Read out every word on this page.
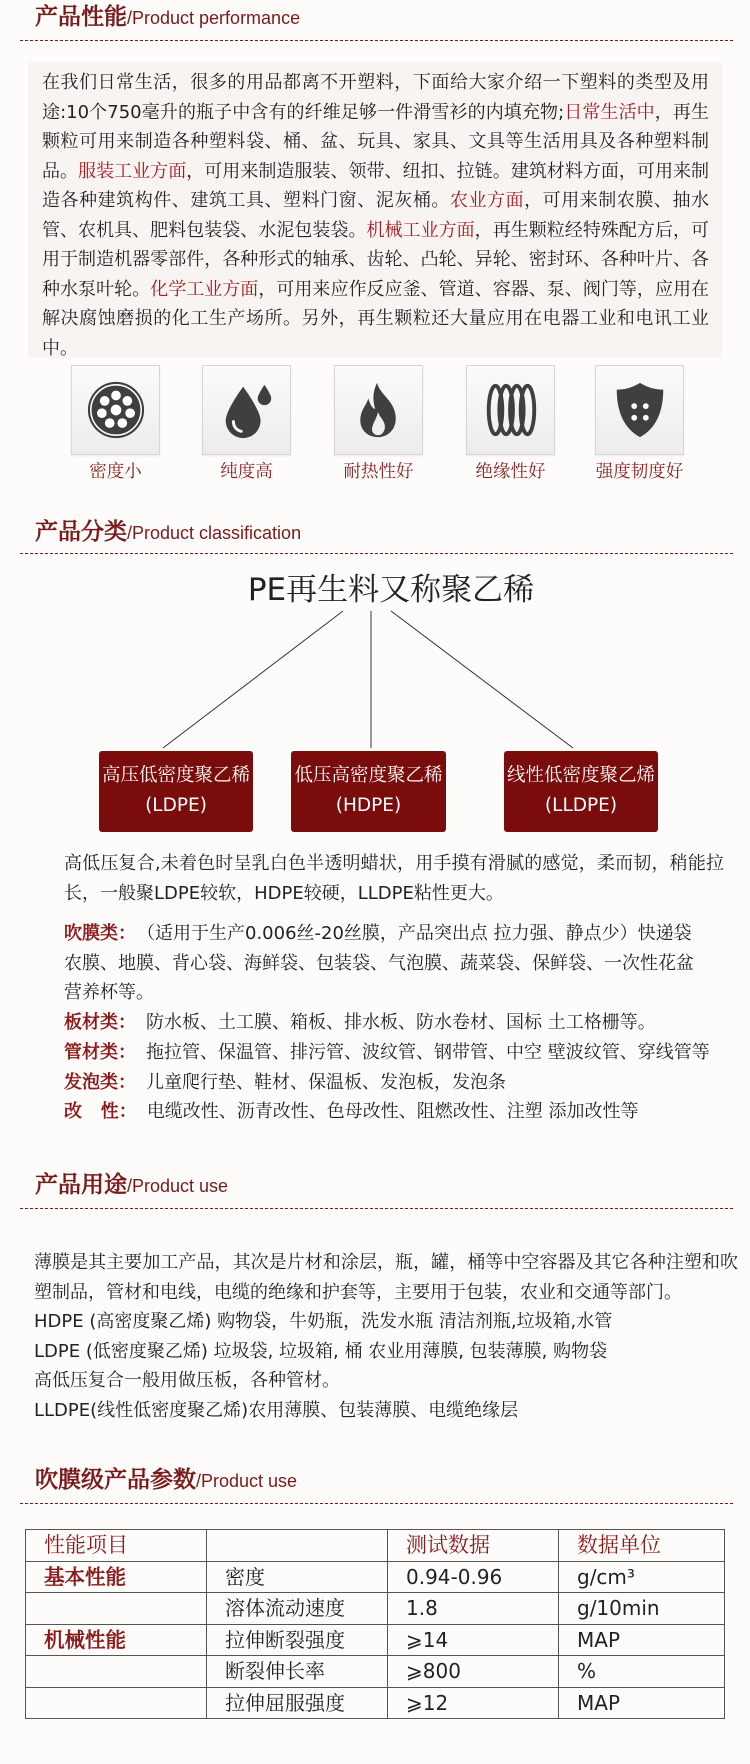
产品性能 /Product performance
在我们日常生活，很多的用品都离不开塑料，下面给大家介绍一下塑料的类型及用途:10个750毫升的瓶子中含有的纤维足够一件滑雪衫的内填充物;日常生活中，再生颗粒可用来制造各种塑料袋、桶、盆、玩具、家具、文具等生活用具及各种塑料制品。服装工业方面，可用来制造服装、领带、纽扣、拉链。建筑材料方面，可用来制造各种建筑构件、建筑工具、塑料门窗、泥灰桶。农业方面，可用来制农膜、抽水管、农机具、肥料包装袋、水泥包装袋。机械工业方面，再生颗粒经特殊配方后，可用于制造机器零部件，各种形式的轴承、齿轮、凸轮、异轮、密封环、各种叶片、各种水泵叶轮。化学工业方面，可用来应作反应釜、管道、容器、泵、阀门等，应用在解决腐蚀磨损的化工生产场所。另外，再生颗粒还大量应用在电器工业和电讯工业中。
密度小	纯度高	耐热性好	绝缘性好	强度韧度好
产品分类 /Product classification
PE再生料又称聚乙稀
高压低密度聚乙稀
(LDPE)
低压高密度聚乙稀
(HDPE)
线性低密度聚乙烯
(LLDPE)
高低压复合,未着色时呈乳白色半透明蜡状，用手摸有滑腻的感觉，柔而韧，稍能拉长，一般聚LDPE较软，HDPE较硬，LLDPE粘性更大。
吹膜类： （适用于生产0.006丝-20丝膜，产品突出点 拉力强、静点少）快递袋
农膜、地膜、背心袋、海鲜袋、包装袋、气泡膜、蔬菜袋、保鲜袋、一次性花盆
营养杯等。
板材类： 防水板、土工膜、箱板、排水板、防水卷材、国标 土工格栅等。
管材类： 拖拉管、保温管、排污管、波纹管、钢带管、中空 壁波纹管、穿线管等
发泡类： 儿童爬行垫、鞋材、保温板、发泡板，发泡条
改   性： 电缆改性、沥青改性、色母改性、阻燃改性、注塑 添加改性等
产品用途 /Product use

薄膜是其主要加工产品，其次是片材和涂层，瓶，罐，桶等中空容器及其它各种注塑和吹塑制品，管材和电线，电缆的绝缘和护套等，主要用于包装，农业和交通等部门。

HDPE (高密度聚乙烯) 购物袋，牛奶瓶，洗发水瓶 清洁剂瓶,垃圾箱,水管

LDPE (低密度聚乙烯) 垃圾袋, 垃圾箱, 桶 农业用薄膜, 包装薄膜, 购物袋

高低压复合一般用做压板，各种管材。

LLDPE(线性低密度聚乙烯)农用薄膜、包装薄膜、电缆绝缘层

吹膜级产品参数 /Product use
性能项目		测试数据	数据单位
基本性能	密度	0.94-0.96	g/cm³
	溶体流动速度	1.8	g/10min
机械性能	拉伸断裂强度	⩾14	MAP
	断裂伸长率	⩾800	%
	拉伸屈服强度	⩾12	MAP
